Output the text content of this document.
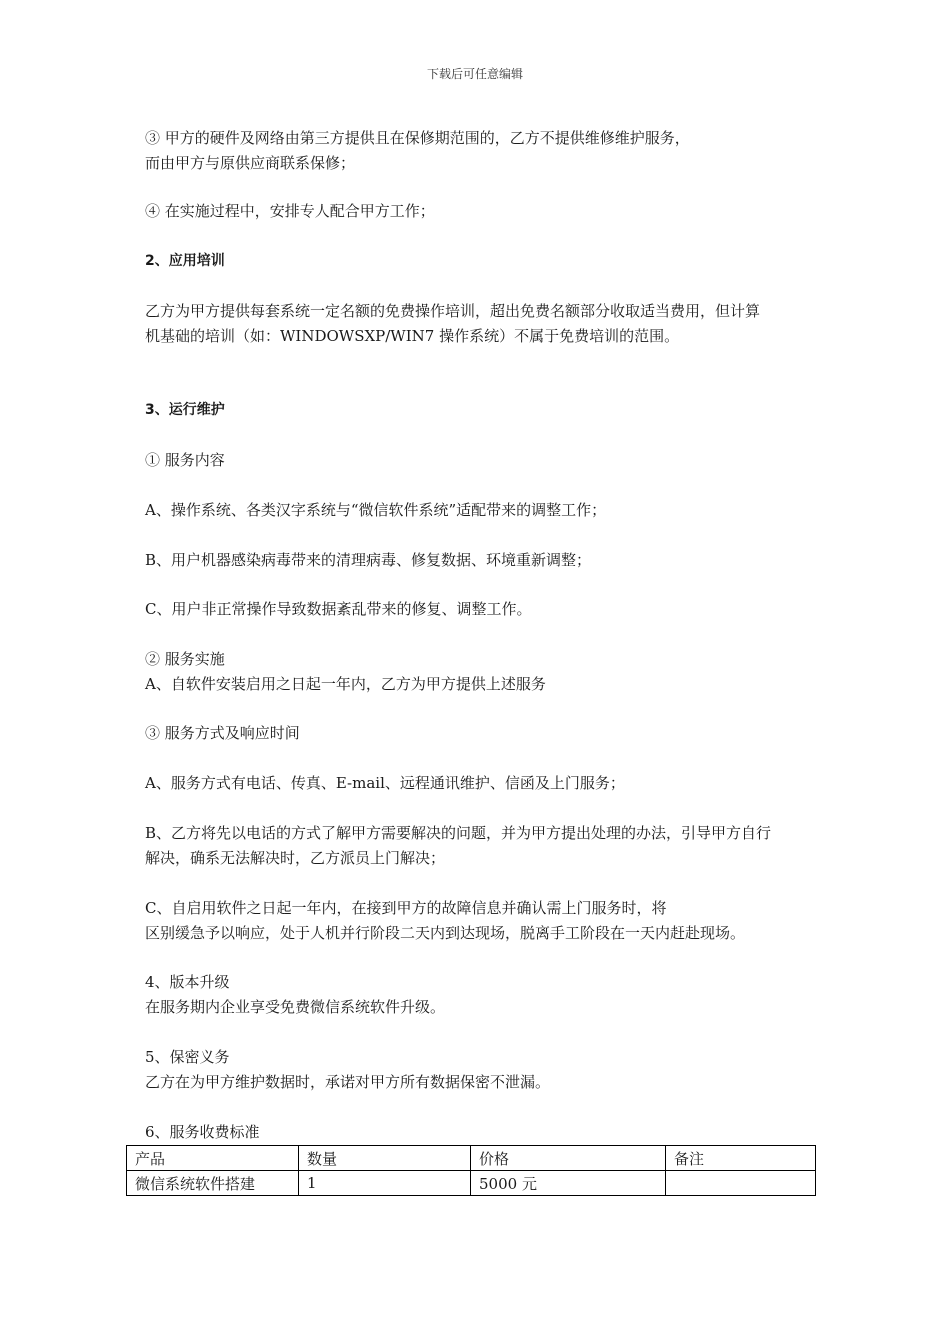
下载后可任意编辑

③ 甲方的硬件及网络由第三方提供且在保修期范围的，乙方不提供维修维护服务，

而由甲方与原供应商联系保修；

④ 在实施过程中，安排专人配合甲方工作；

2、应用培训

乙方为甲方提供每套系统一定名额的免费操作培训，超出免费名额部分收取适当费用，但计算

机基础的培训（如：WINDOWSXP/WIN7 操作系统）不属于免费培训的范围。

3、运行维护

① 服务内容

A、操作系统、各类汉字系统与“微信软件系统”适配带来的调整工作；

B、用户机器感染病毒带来的清理病毒、修复数据、环境重新调整；

C、用户非正常操作导致数据紊乱带来的修复、调整工作。

② 服务实施

A、自软件安装启用之日起一年内，乙方为甲方提供上述服务

③ 服务方式及响应时间

A、服务方式有电话、传真、E-mail、远程通讯维护、信函及上门服务；

B、乙方将先以电话的方式了解甲方需要解决的问题，并为甲方提出处理的办法，引导甲方自行

解决，确系无法解决时，乙方派员上门解决；

C、自启用软件之日起一年内，在接到甲方的故障信息并确认需上门服务时，将

区别缓急予以响应，处于人机并行阶段二天内到达现场，脱离手工阶段在一天内赶赴现场。

4、版本升级

在服务期内企业享受免费微信系统软件升级。

5、保密义务

乙方在为甲方维护数据时，承诺对甲方所有数据保密不泄漏。

6、服务收费标准

产品	数量	价格	备注
微信系统软件搭建	1	5000 元	
